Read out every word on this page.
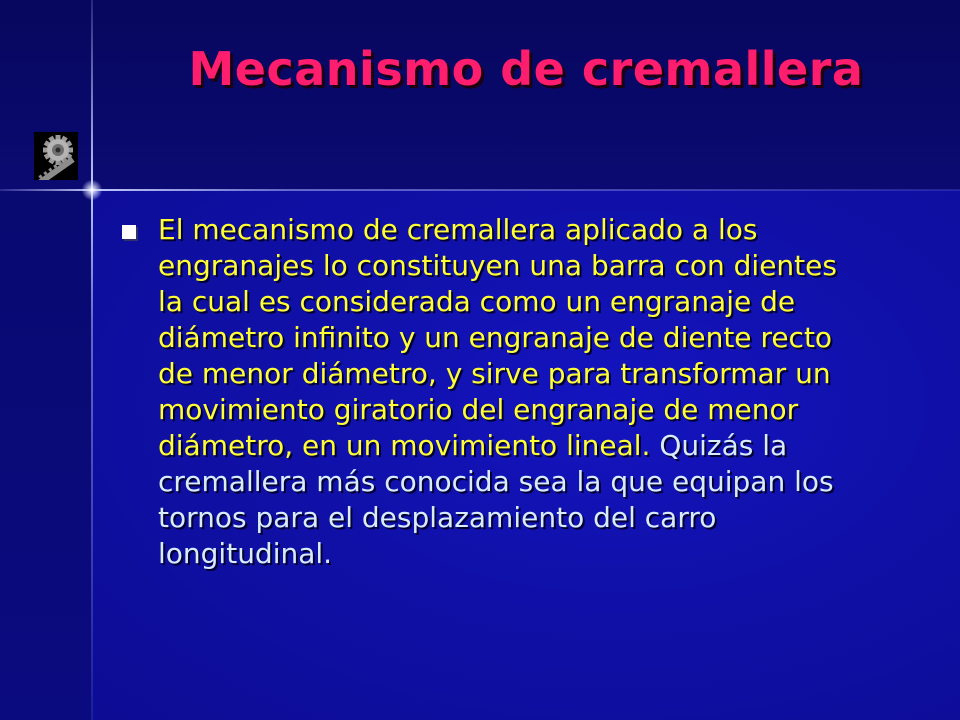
Mecanismo de cremallera
El mecanismo de cremallera aplicado a los engranajes lo constituyen una barra con dientes la cual es considerada como un engranaje de diámetro infinito y un engranaje de diente recto de menor diámetro, y sirve para transformar un movimiento giratorio del engranaje de menor diámetro, en un movimiento lineal. Quizás la cremallera más conocida sea la que equipan los tornos para el desplazamiento del carro longitudinal.
